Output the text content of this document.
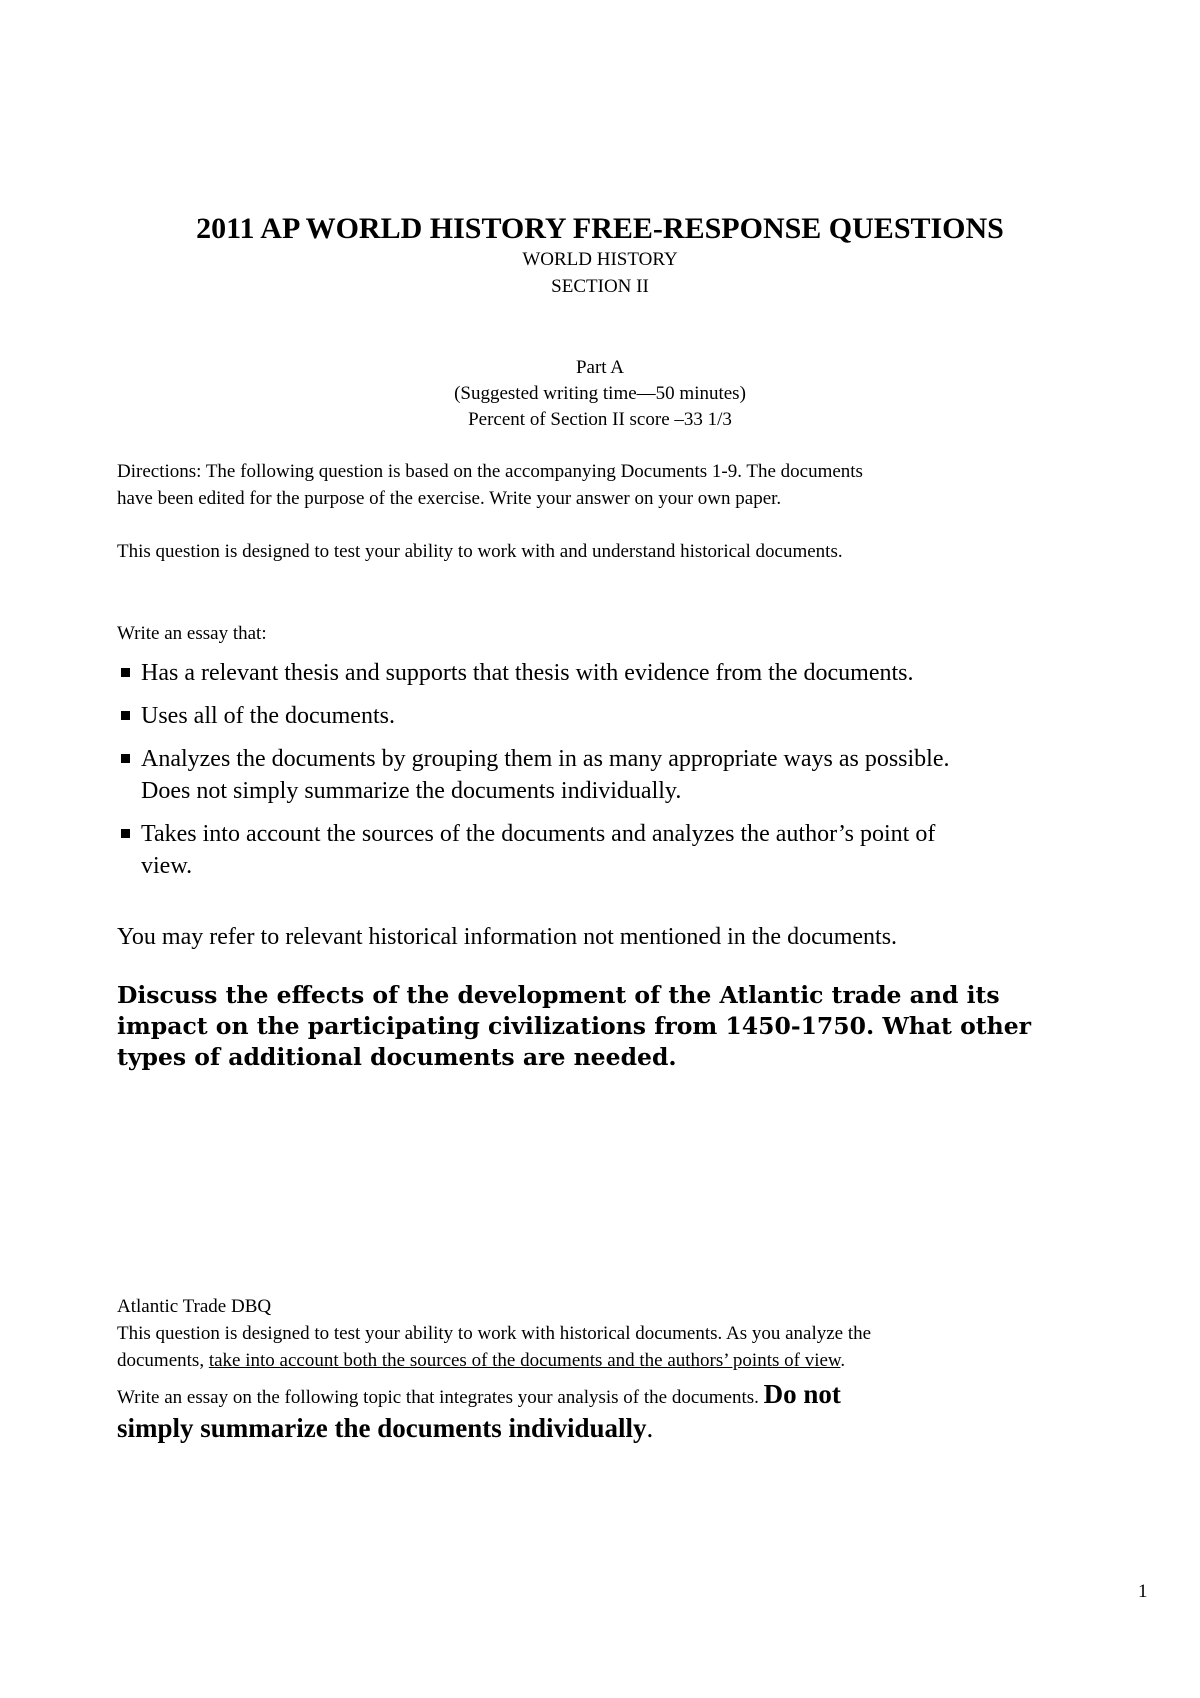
2011 AP WORLD HISTORY FREE-RESPONSE QUESTIONS
WORLD HISTORY
SECTION II
Part A
(Suggested writing time—50 minutes)
Percent of Section II score –33 1/3

Directions: The following question is based on the accompanying Documents 1-9. The documents

have been edited for the purpose of the exercise. Write your answer on your own paper.

This question is designed to test your ability to work with and understand historical documents.
Write an essay that:
Has a relevant thesis and supports that thesis with evidence from the documents.
Uses all of the documents.
Analyzes the documents by grouping them in as many appropriate ways as possible.
Does not simply summarize the documents individually.
Takes into account the sources of the documents and analyzes the author’s point of
view.
You may refer to relevant historical information not mentioned in the documents.
Discuss the effects of the development of the Atlantic trade and its
impact on the participating civilizations from 1450-1750. What other
types of additional documents are needed.
Atlantic Trade DBQ
This question is designed to test your ability to work with historical documents. As you analyze the
documents, take into account both the sources of the documents and the authors’ points of view.
Write an essay on the following topic that integrates your analysis of the documents. Do not
simply summarize the documents individually.
1
